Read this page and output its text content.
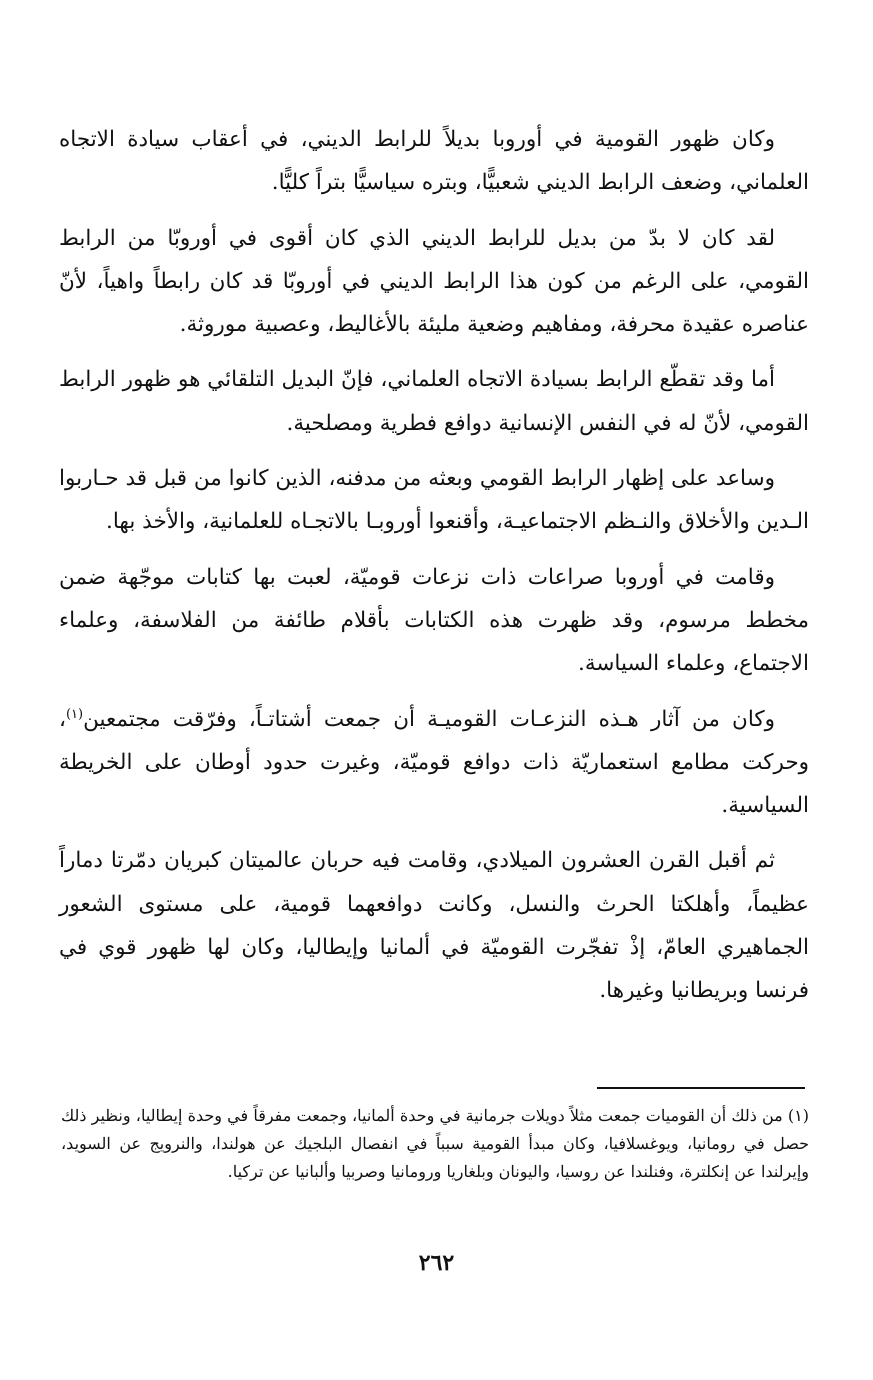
وكان ظهور القومية في أوروبا بديلاً للرابط الديني، في أعقاب سيادة الاتجاه العلماني، وضعف الرابط الديني شعبيًّا، وبتره سياسيًّا بتراً كليًّا.

لقد كان لا بدّ من بديل للرابط الديني الذي كان أقوى في أوروبّا من الرابط القومي، على الرغم من كون هذا الرابط الديني في أوروبّا قد كان رابطاً واهياً، لأنّ عناصره عقيدة محرفة، ومفاهيم وضعية مليئة بالأغاليط، وعصبية موروثة.

أما وقد تقطّع الرابط بسيادة الاتجاه العلماني، فإنّ البديل التلقائي هو ظهور الرابط القومي، لأنّ له في النفس الإنسانية دوافع فطرية ومصلحية.

وساعد على إظهار الرابط القومي وبعثه من مدفنه، الذين كانوا من قبل قد حـاربوا الـدين والأخلاق والنـظم الاجتماعيـة، وأقنعوا أوروبـا بالاتجـاه للعلمانية، والأخذ بها.

وقامت في أوروبا صراعات ذات نزعات قوميّة، لعبت بها كتابات موجّهة ضمن مخطط مرسوم، وقد ظهرت هذه الكتابات بأقلام طائفة من الفلاسفة، وعلماء الاجتماع، وعلماء السياسة.

وكان من آثار هـذه النزعـات القوميـة أن جمعت أشتاتـاً، وفرّقت مجتمعين$^{(١)}$، وحركت مطامع استعماريّة ذات دوافع قوميّة، وغيرت حدود أوطان على الخريطة السياسية.

ثم أقبل القرن العشرون الميلادي، وقامت فيه حربان عالميتان كبريان دمّرتا دماراً عظيماً، وأهلكتا الحرث والنسل، وكانت دوافعهما قومية، على مستوى الشعور الجماهيري العامّ، إذْ تفجّرت القوميّة في ألمانيا وإيطاليا، وكان لها ظهور قوي في فرنسا وبريطانيا وغيرها.

(١) من ذلك أن القوميات جمعت مثلاً دويلات جرمانية في وحدة ألمانيا، وجمعت مفرقاً في وحدة إيطاليا، ونظير ذلك حصل في رومانيا، ويوغسلافيا، وكان مبدأ القومية سبباً في انفصال البلجيك عن هولندا، والنرويج عن السويد، وإيرلندا عن إنكلترة، وفنلندا عن روسيا، واليونان وبلغاريا ورومانيا وصربيا وألبانيا عن تركيا.

٢٦٢
